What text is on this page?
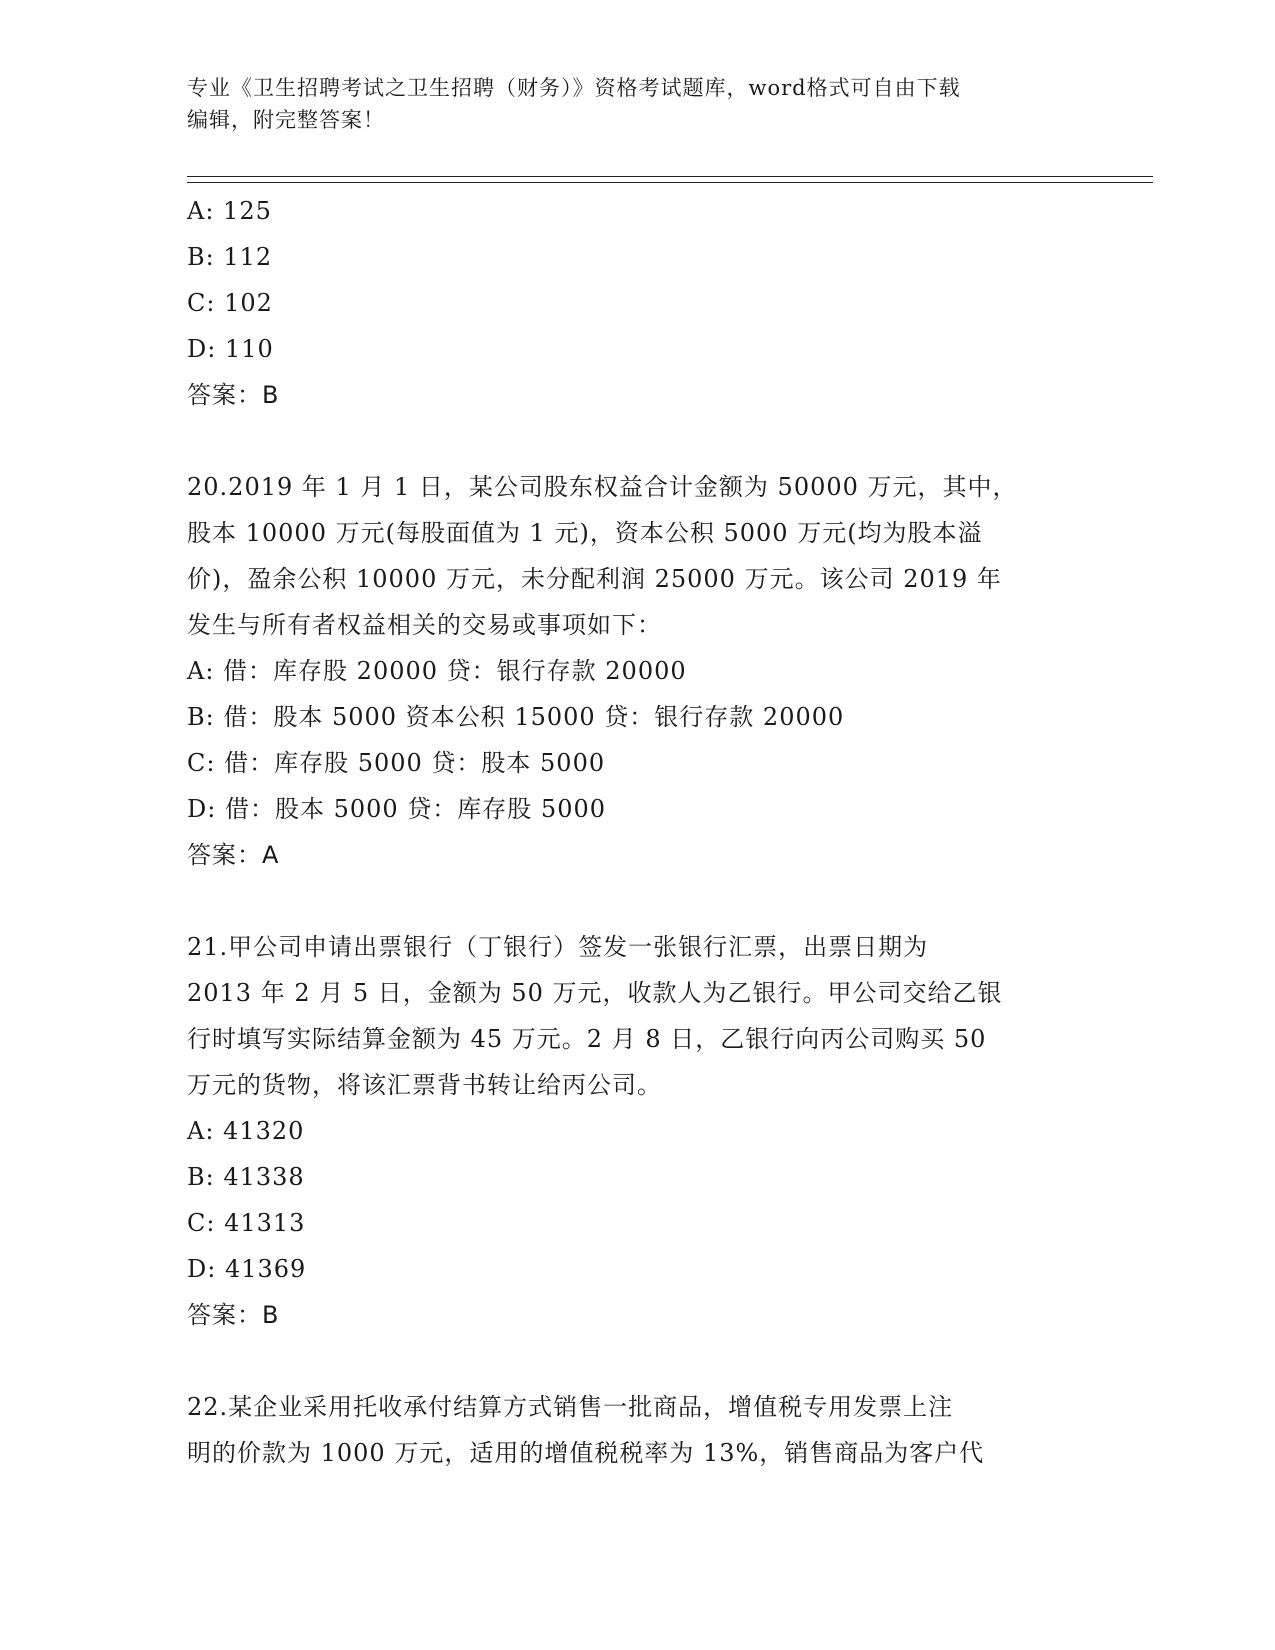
专业《卫生招聘考试之卫生招聘（财务）》资格考试题库，word格式可自由下载
编辑，附完整答案！
A: 125
B: 112
C: 102
D: 110
答案：B
20.2019 年 1 月 1 日，某公司股东权益合计金额为 50000 万元，其中，
股本 10000 万元(每股面值为 1 元)，资本公积 5000 万元(均为股本溢
价)，盈余公积 10000 万元，未分配利润 25000 万元。该公司 2019 年
发生与所有者权益相关的交易或事项如下：
A: 借：库存股 20000 贷：银行存款 20000
B: 借：股本 5000 资本公积 15000 贷：银行存款 20000
C: 借：库存股 5000 贷：股本 5000
D: 借：股本 5000 贷：库存股 5000
答案：A
21.甲公司申请出票银行（丁银行）签发一张银行汇票，出票日期为
2013 年 2 月 5 日，金额为 50 万元，收款人为乙银行。甲公司交给乙银
行时填写实际结算金额为 45 万元。2 月 8 日，乙银行向丙公司购买 50
万元的货物，将该汇票背书转让给丙公司。
A: 41320
B: 41338
C: 41313
D: 41369
答案：B
22.某企业采用托收承付结算方式销售一批商品，增值税专用发票上注
明的价款为 1000 万元，适用的增值税税率为 13%，销售商品为客户代
